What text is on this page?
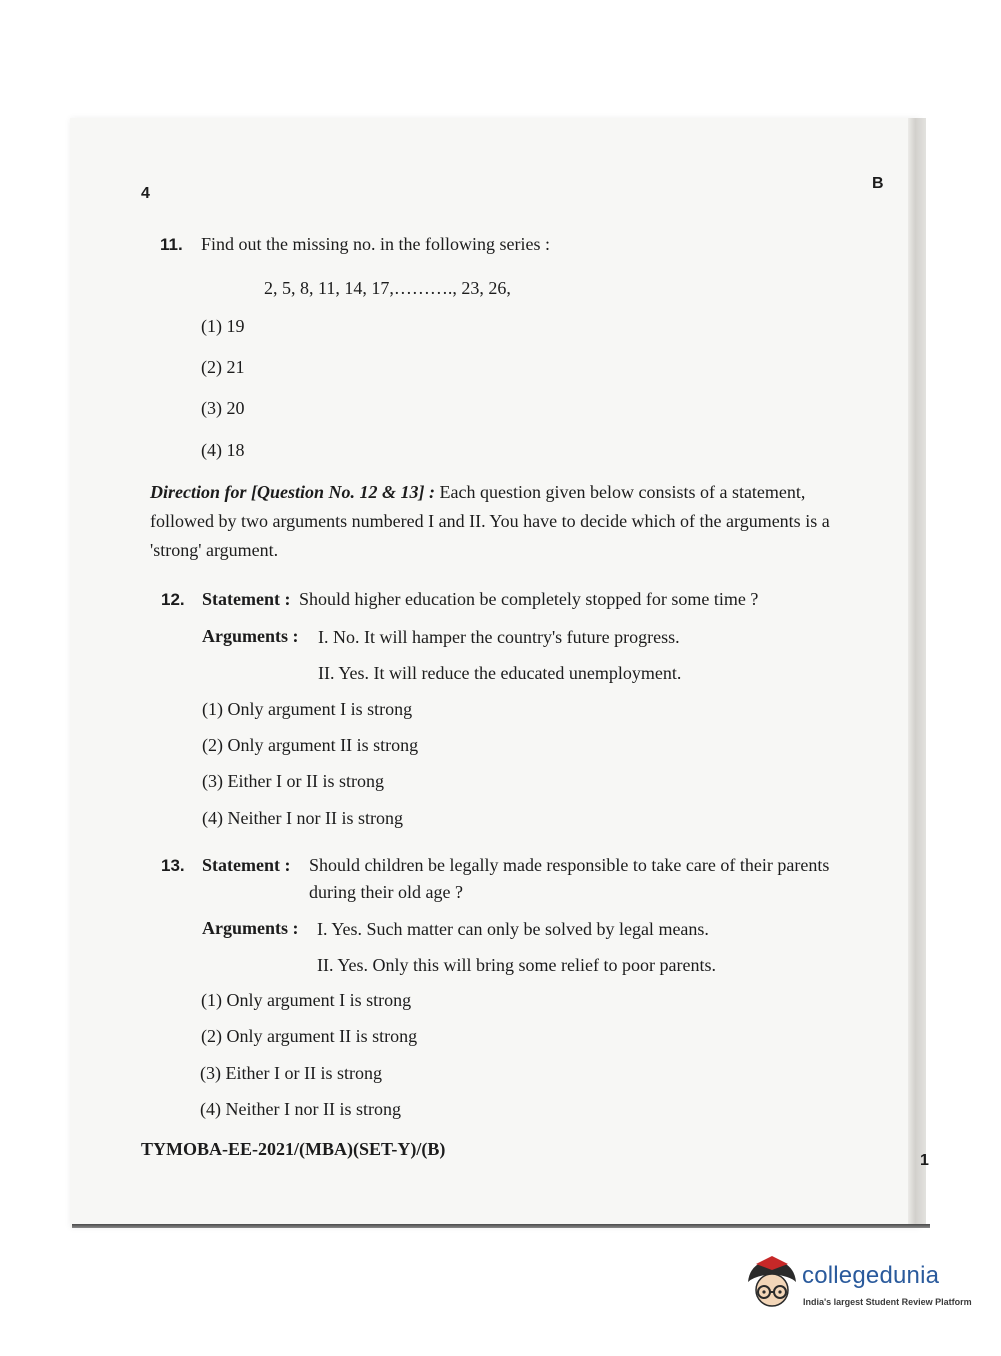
4
B
11. Find out the missing no. in the following series :
2, 5, 8, 11, 14, 17,………., 23, 26,
(1) 19
(2) 21
(3) 20
(4) 18
Direction for [Question No. 12 & 13] : Each question given below consists of a statement, followed by two arguments numbered I and II. You have to decide which of the arguments is a 'strong' argument.
12. Statement : Should higher education be completely stopped for some time ?
Arguments : I. No. It will hamper the country's future progress.
II. Yes. It will reduce the educated unemployment.
(1) Only argument I is strong
(2) Only argument II is strong
(3) Either I or II is strong
(4) Neither I nor II is strong
13. Statement : Should children be legally made responsible to take care of their parents
during their old age ?
Arguments : I. Yes. Such matter can only be solved by legal means.
II. Yes. Only this will bring some relief to poor parents.
(1) Only argument I is strong
(2) Only argument II is strong
(3) Either I or II is strong
(4) Neither I nor II is strong
TYMOBA-EE-2021/(MBA)(SET-Y)/(B)
1
collegedunia
India's largest Student Review Platform
